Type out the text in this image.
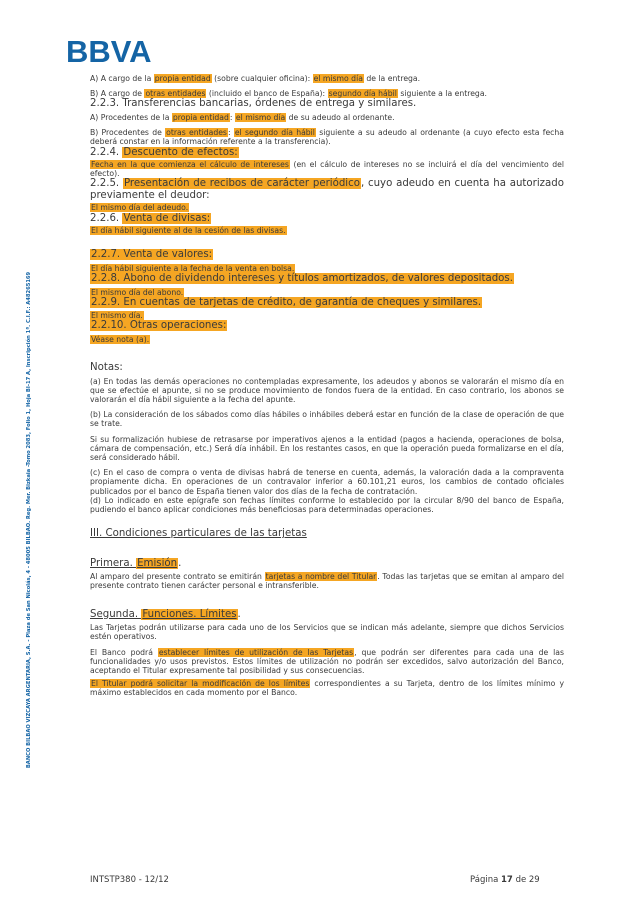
BBVA
BANCO BILBAO VIZCAYA ARGENTARIA, S.A. - Plaza de San Nicolás, 4 - 48005 BILBAO. Reg. Mer. Bizkaia -Tomo 2083, Folio 1, Hoja BI-17 A, Inscripción 1ª. C.I.F.: A48265169

A) A cargo de la propia entidad (sobre cualquier oficina): el mismo día de la entrega.

B) A cargo de otras entidades (incluido el banco de España): segundo día hábil siguiente a la entrega.

2.2.3. Transferencias bancarias, órdenes de entrega y similares.

A) Procedentes de la propia entidad: el mismo día de su adeudo al ordenante.

B) Procedentes de otras entidades: el segundo día hábil siguiente a su adeudo al ordenante (a cuyo efecto esta fecha deberá constar en la información referente a la transferencia).

2.2.4. Descuento de efectos:

Fecha en la que comienza el cálculo de intereses (en el cálculo de intereses no se incluirá el día del vencimiento del efecto).

2.2.5. Presentación de recibos de carácter periódico, cuyo adeudo en cuenta ha autorizado previamente el deudor:

El mismo día del adeudo.

2.2.6. Venta de divisas:

El día hábil siguiente al de la cesión de las divisas.

2.2.7. Venta de valores:

El día hábil siguiente a la fecha de la venta en bolsa.

2.2.8. Abono de dividendo intereses y títulos amortizados, de valores depositados.

El mismo día del abono.

2.2.9. En cuentas de tarjetas de crédito, de garantía de cheques y similares.

El mismo día.

2.2.10. Otras operaciones:

Véase nota (a).

Notas:

(a) En todas las demás operaciones no contempladas expresamente, los adeudos y abonos se valorarán el mismo día en que se efectúe el apunte, si no se produce movimiento de fondos fuera de la entidad. En caso contrario, los abonos se valorarán el día hábil siguiente a la fecha del apunte.

(b) La consideración de los sábados como días hábiles o inhábiles deberá estar en función de la clase de operación de que se trate.

Si su formalización hubiese de retrasarse por imperativos ajenos a la entidad (pagos a hacienda, operaciones de bolsa, cámara de compensación, etc.) Será día inhábil. En los restantes casos, en que la operación pueda formalizarse en el día, será considerado hábil.

(c) En el caso de compra o venta de divisas habrá de tenerse en cuenta, además, la valoración dada a la compraventa propiamente dicha. En operaciones de un contravalor inferior a 60.101,21 euros, los cambios de contado oficiales publicados por el banco de España tienen valor dos días de la fecha de contratación.

(d) Lo indicado en este epígrafe son fechas límites conforme lo establecido por la circular 8/90 del banco de España, pudiendo el banco aplicar condiciones más beneficiosas para determinadas operaciones.

III. Condiciones particulares de las tarjetas
Primera. Emisión.

Al amparo del presente contrato se emitirán tarjetas a nombre del Titular. Todas las tarjetas que se emitan al amparo del presente contrato tienen carácter personal e intransferible.

Segunda. Funciones. Límites.

Las Tarjetas podrán utilizarse para cada uno de los Servicios que se indican más adelante, siempre que dichos Servicios estén operativos.

El Banco podrá establecer límites de utilización de las Tarjetas, que podrán ser diferentes para cada una de las funcionalidades y/o usos previstos. Estos límites de utilización no podrán ser excedidos, salvo autorización del Banco, aceptando el Titular expresamente tal posibilidad y sus consecuencias.

El Titular podrá solicitar la modificación de los límites correspondientes a su Tarjeta, dentro de los límites mínimo y máximo establecidos en cada momento por el Banco.

INTSTP380 - 12/12	Página 17 de 29
